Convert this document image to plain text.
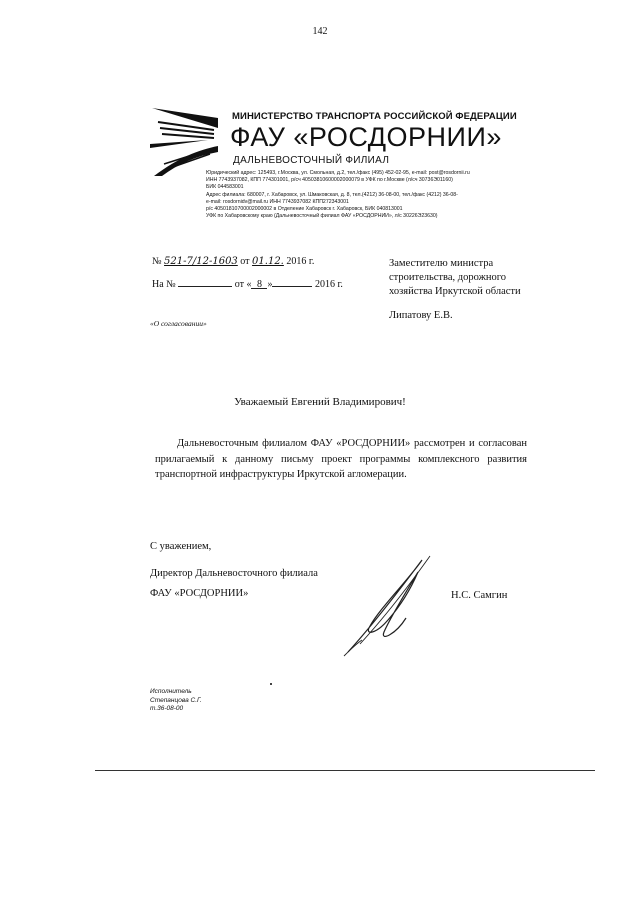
142
МИНИСТЕРСТВО ТРАНСПОРТА РОССИЙСКОЙ ФЕДЕРАЦИИ
ФАУ «РОСДОРНИИ»
ДАЛЬНЕВОСТОЧНЫЙ ФИЛИАЛ
Юридический адрес: 125493, г.Москва, ул. Смольная, д.2, тел./факс (495) 452-02-95, e-mail: post@rosdornii.ru
ИНН 7743937082, КПП 774301001, р/сч 40503810600002000079 в УФК по г.Москве (л/сч 30736Э01160)
БИК 044583001
Адрес филиала: 680007, г. Хабаровск, ул. Шмаковская, д. 8, тел.(4212) 36-08-00, тел./факс (4212) 36-08-
e-mail: rosdornidv@mail.ru ИНН 7743937082 КПП272343001
р/с 40501810700002000002 в Отделение Хабаровск г. Хабаровск, БИК 040813001
УФК по Хабаровскому краю (Дальневосточный филиал ФАУ «РОСДОРНИИ», л/с 30226Э23630)
№ 521-7/12-1603 от 01.12. 2016 г.
На №	от « 8 »	2016 г.
«О согласовании»
Заместителю министра строительства, дорожного хозяйства Иркутской области
Липатову Е.В.
Уважаемый Евгений Владимирович!
Дальневосточным филиалом ФАУ «РОСДОРНИИ» рассмотрен и согласован прилагаемый к данному письму проект программы комплексного развития транспортной инфраструктуры Иркутской агломерации.
С уважением,
Директор Дальневосточного филиала
ФАУ «РОСДОРНИИ»	Н.С. Самгин
Исполнитель
Степанцова С.Г.
т.36-08-00
